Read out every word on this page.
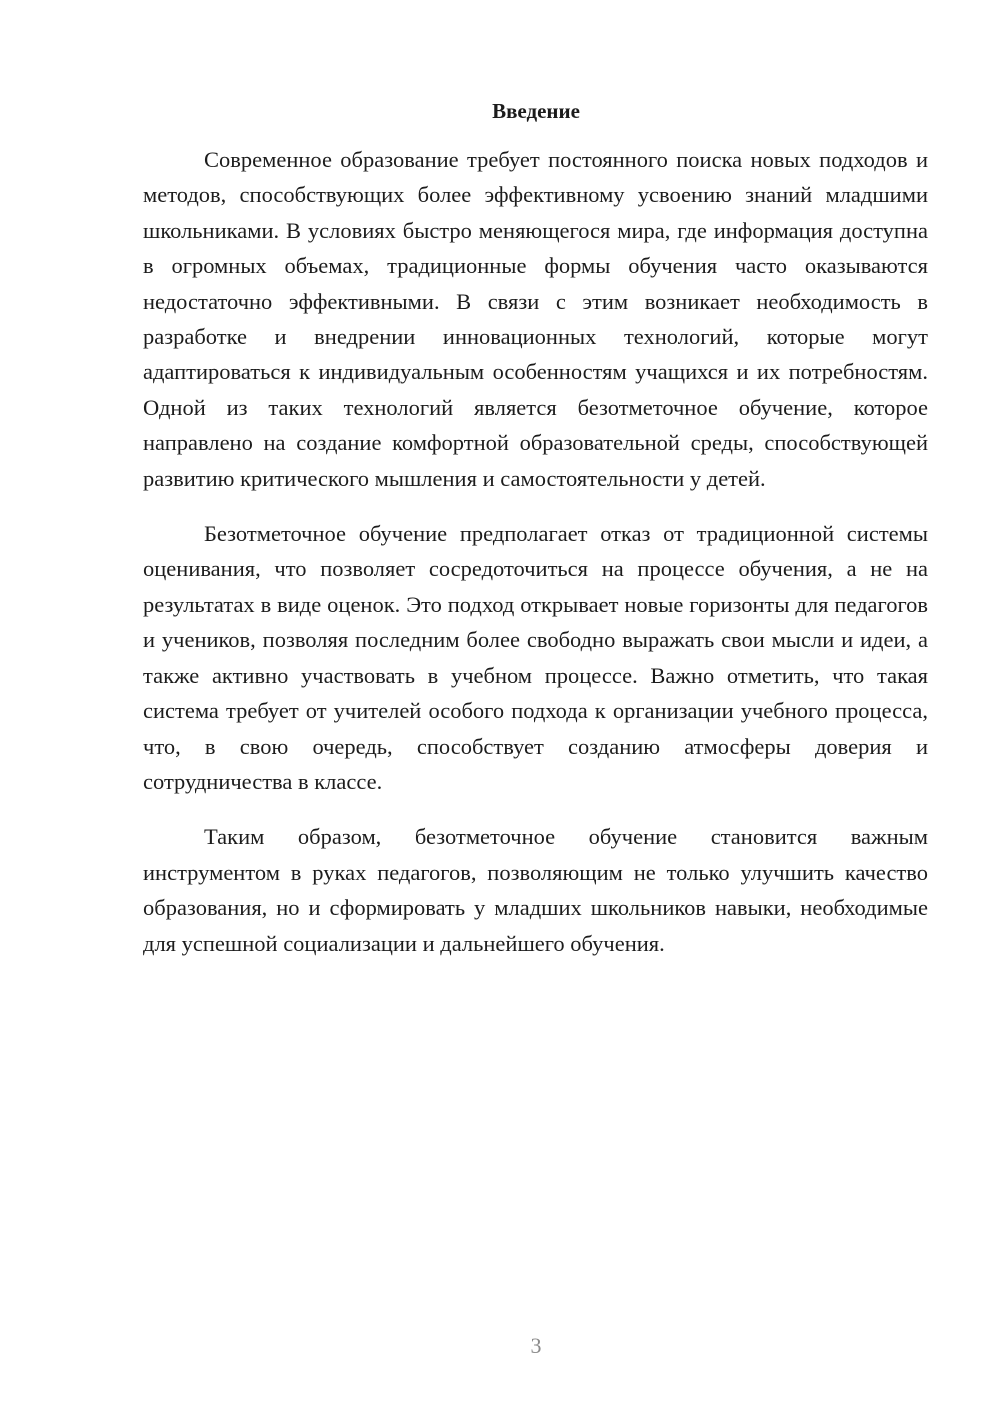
Введение

Современное образование требует постоянного поиска новых подходов и методов, способствующих более эффективному усвоению знаний младшими школьниками. В условиях быстро меняющегося мира, где информация доступна в огромных объемах, традиционные формы обучения часто оказываются недостаточно эффективными. В связи с этим возникает необходимость в разработке и внедрении инновационных технологий, которые могут адаптироваться к индивидуальным особенностям учащихся и их потребностям. Одной из таких технологий является безотметочное обучение, которое направлено на создание комфортной образовательной среды, способствующей развитию критического мышления и самостоятельности у детей.

Безотметочное обучение предполагает отказ от традиционной системы оценивания, что позволяет сосредоточиться на процессе обучения, а не на результатах в виде оценок. Это подход открывает новые горизонты для педагогов и учеников, позволяя последним более свободно выражать свои мысли и идеи, а также активно участвовать в учебном процессе. Важно отметить, что такая система требует от учителей особого подхода к организации учебного процесса, что, в свою очередь, способствует созданию атмосферы доверия и сотрудничества в классе.

Таким образом, безотметочное обучение становится важным инструментом в руках педагогов, позволяющим не только улучшить качество образования, но и сформировать у младших школьников навыки, необходимые для успешной социализации и дальнейшего обучения.

3
